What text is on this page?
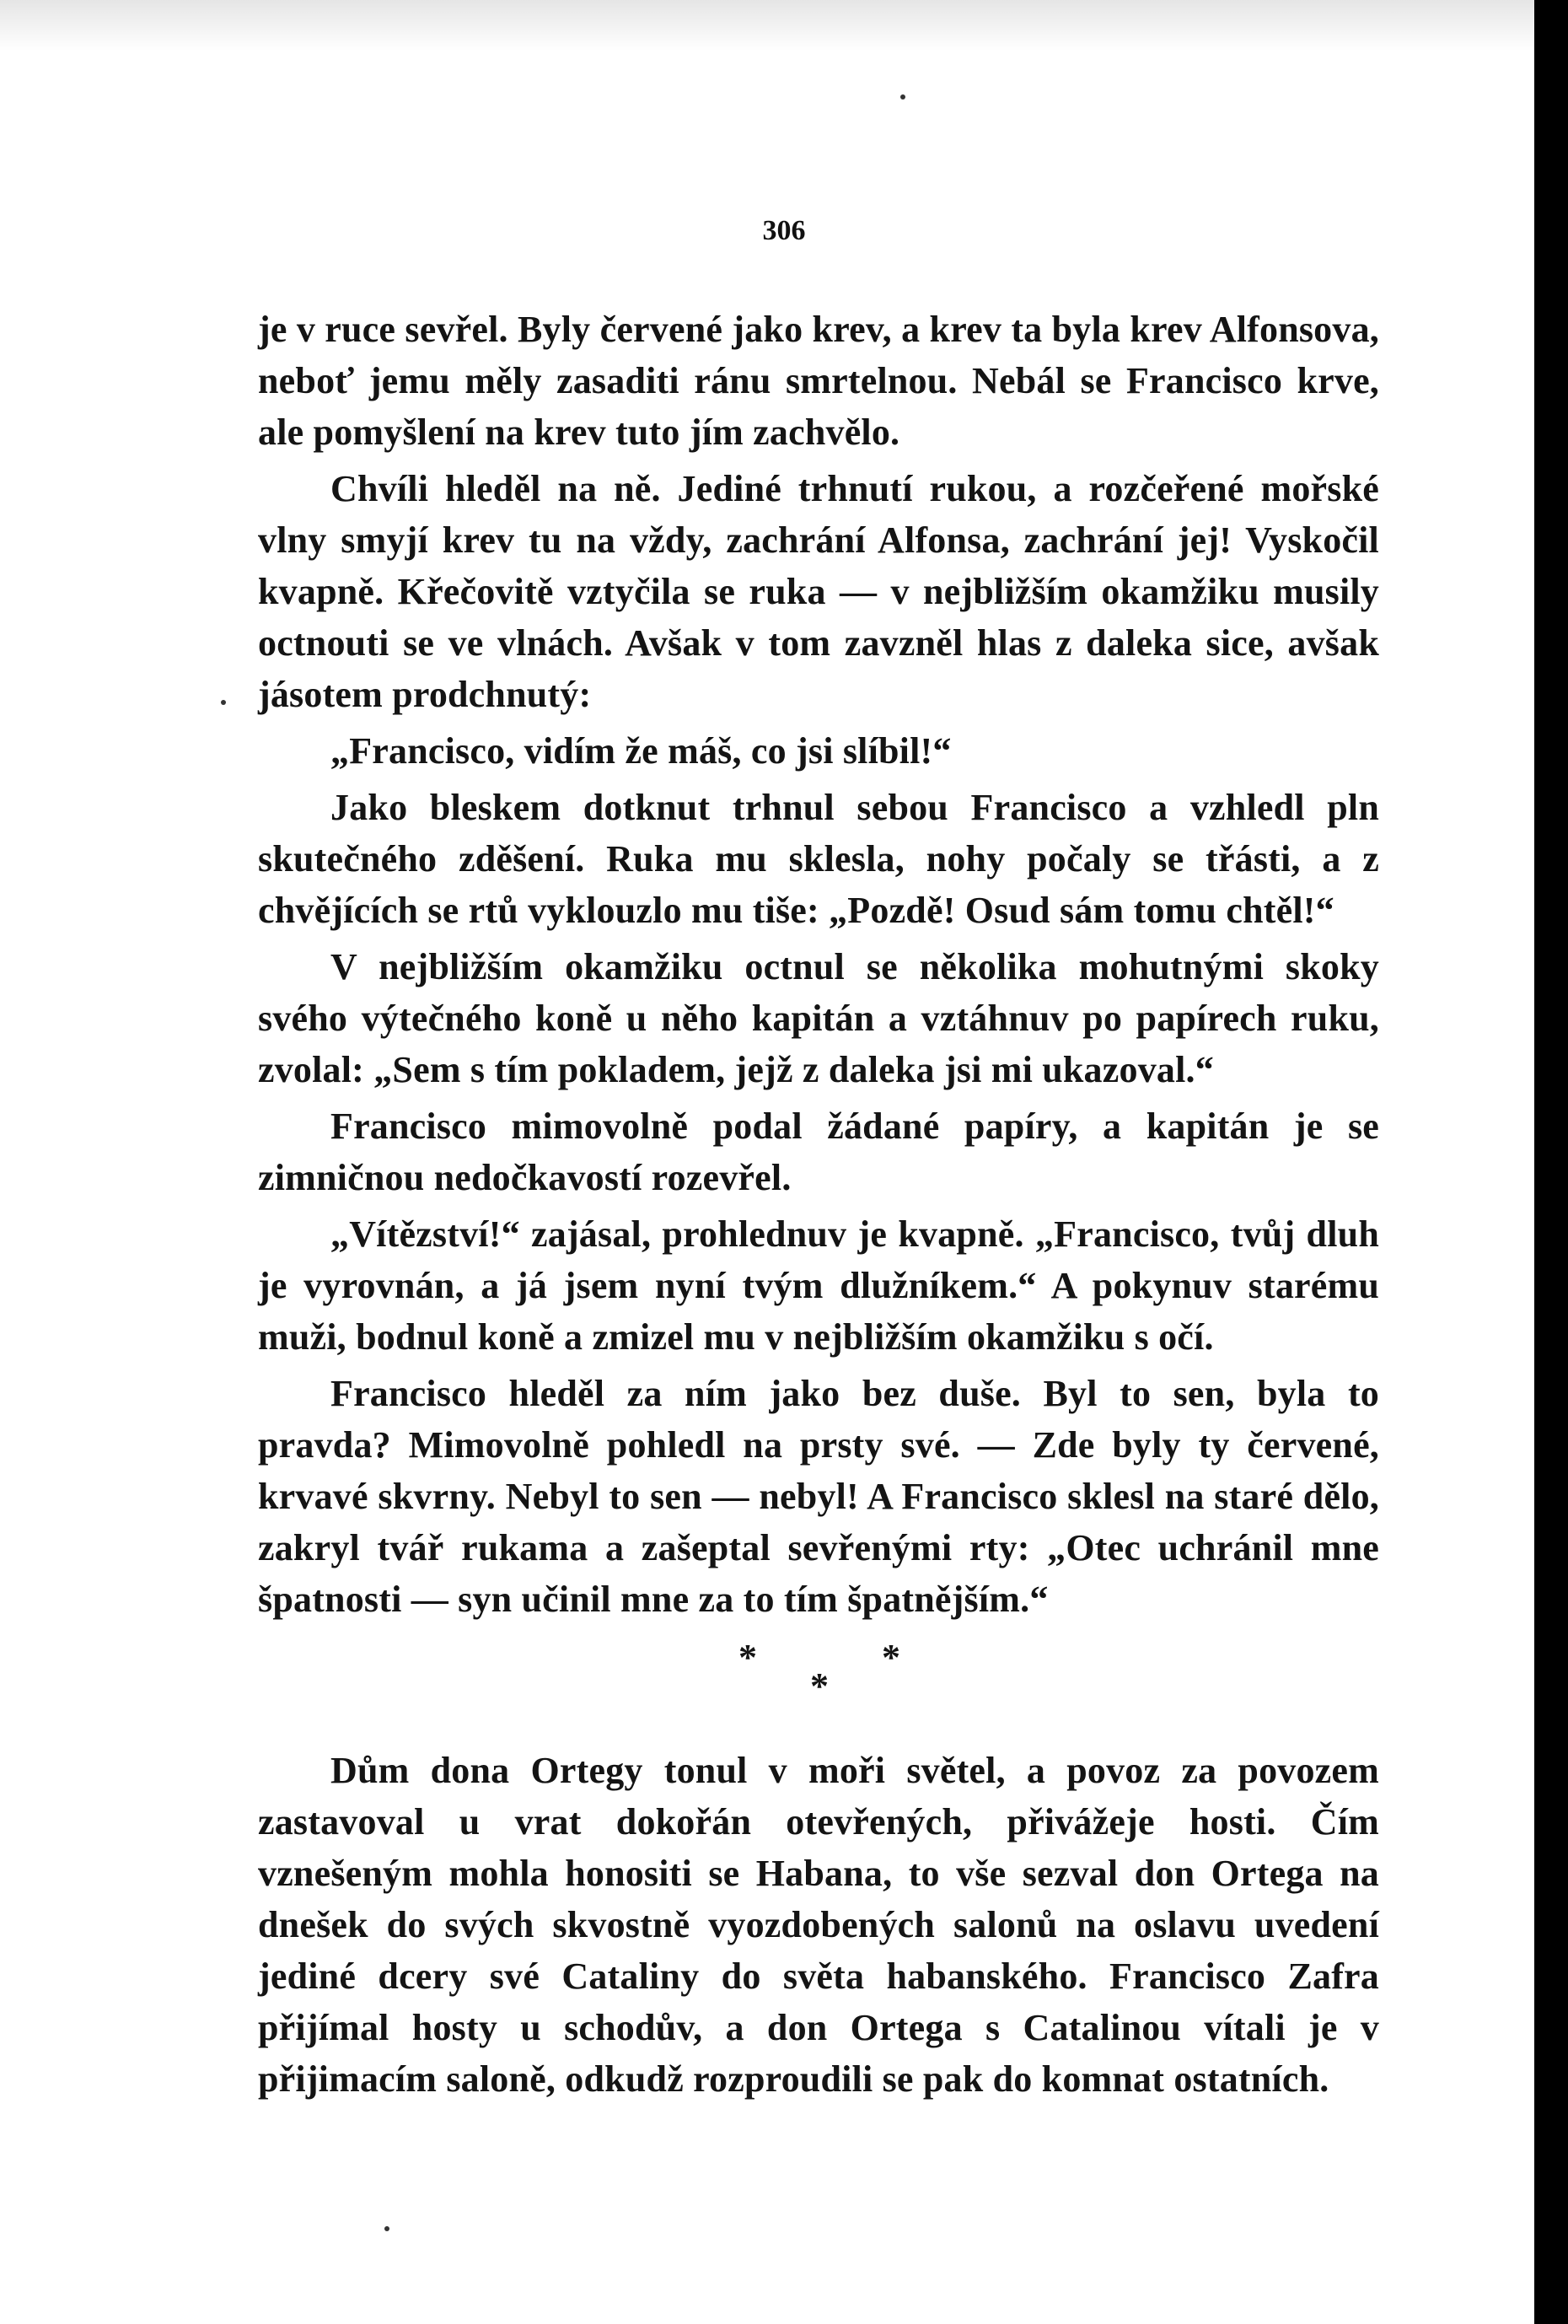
306

je v ruce sevřel. Byly červené jako krev, a krev ta byla krev Alfonsova, neboť jemu měly zasaditi ránu smrtelnou. Nebál se Francisco krve, ale pomyšlení na krev tuto jím zachvělo.

Chvíli hleděl na ně. Jediné trhnutí rukou, a rozčeřené mořské vlny smyjí krev tu na vždy, zachrání Alfonsa, zachrání jej! Vyskočil kvapně. Křečovitě vztyčila se ruka — v nejbližším okamžiku musily octnouti se ve vlnách. Avšak v tom zavzněl hlas z daleka sice, avšak jásotem prodchnutý:

„Francisco, vidím že máš, co jsi slíbil!“

Jako bleskem dotknut trhnul sebou Francisco a vzhledl pln skutečného zděšení. Ruka mu sklesla, nohy počaly se třásti, a z chvějících se rtů vyklouzlo mu tiše: „Pozdě! Osud sám tomu chtěl!“

V nejbližším okamžiku octnul se několika mohutnými skoky svého výtečného koně u něho kapitán a vztáhnuv po papírech ruku, zvolal: „Sem s tím pokladem, jejž z daleka jsi mi ukazoval.“

Francisco mimovolně podal žádané papíry, a kapitán je se zimničnou nedočkavostí rozevřel.

„Vítězství!“ zajásal, prohlednuv je kvapně. „Francisco, tvůj dluh je vyrovnán, a já jsem nyní tvým dlužníkem.“ A pokynuv starému muži, bodnul koně a zmizel mu v nejbližším okamžiku s očí.

Francisco hleděl za ním jako bez duše. Byl to sen, byla to pravda? Mimovolně pohledl na prsty své. — Zde byly ty červené, krvavé skvrny. Nebyl to sen — nebyl! A Francisco sklesl na staré dělo, zakryl tvář rukama a zašeptal sevřenými rty: „Otec uchránil mne špatnosti — syn učinil mne za to tím špatnějším.“

*	*
*

Dům dona Ortegy tonul v moři světel, a povoz za povozem zastavoval u vrat dokořán otevřených, přivážeje hosti. Čím vznešeným mohla honositi se Habana, to vše sezval don Ortega na dnešek do svých skvostně vyozdobených salonů na oslavu uvedení jediné dcery své Cataliny do světa habanského. Francisco Zafra přijímal hosty u schodův, a don Ortega s Catalinou vítali je v přijimacím saloně, odkudž rozproudili se pak do komnat ostatních.
